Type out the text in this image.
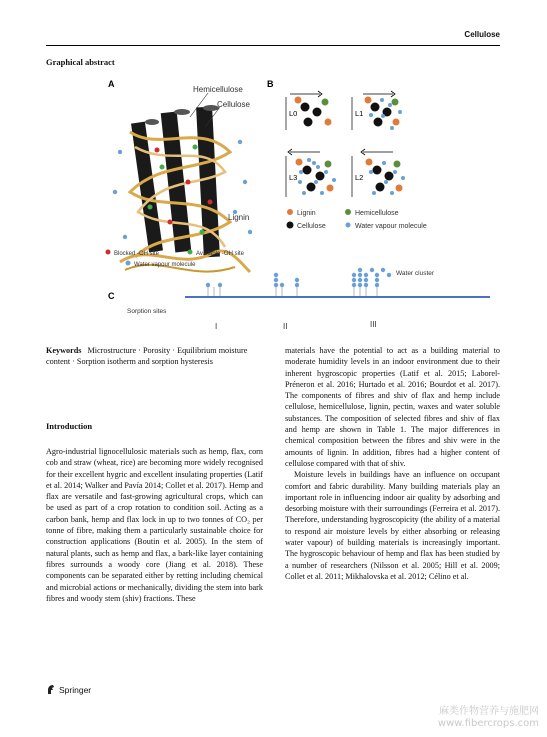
Cellulose
Graphical abstract
A
Hemicellulose
Cellulose
Lignin
Blocked -OH site	Available -OH site
Water vapour molecule
B
L0	L1
L3	L2
Lignin	Hemicellulose
Cellulose	Water vapour molecule
C
Sorption sites
Water cluster
I	II	III
Keywords Microstructure · Porosity · Equilibrium moisture content · Sorption isotherm and sorption hysteresis
Introduction

Agro-industrial lignocellulosic materials such as hemp, flax, corn cob and straw (wheat, rice) are becoming more widely recognised for their excellent hygric and excellent insulating properties (Latif et al. 2014; Walker and Pavía 2014; Collet et al. 2017). Hemp and flax are versatile and fast-growing agricultural crops, which can be used as part of a crop rotation to condition soil. Acting as a carbon bank, hemp and flax lock in up to two tonnes of CO₂ per tonne of fibre, making them a particularly sustainable choice for construction applications (Boutin et al. 2005). In the stem of natural plants, such as hemp and flax, a bark-like layer containing fibres surrounds a woody core (Jiang et al. 2018). These components can be separated either by retting including chemical and microbial actions or mechanically, dividing the stem into bark fibres and woody stem (shiv) fractions. These

materials have the potential to act as a building material to moderate humidity levels in an indoor environment due to their inherent hygroscopic properties (Latif et al. 2015; Laborel-Préneron et al. 2016; Hurtado et al. 2016; Bourdot et al. 2017). The components of fibres and shiv of flax and hemp include cellulose, hemicellulose, lignin, pectin, waxes and water soluble substances. The composition of selected fibres and shiv of flax and hemp are shown in Table 1. The major differences in chemical composition between the fibres and shiv were in the amounts of lignin. In addition, fibres had a higher content of cellulose compared with that of shiv.

Moisture levels in buildings have an influence on occupant comfort and fabric durability. Many building materials play an important role in influencing indoor air quality by adsorbing and desorbing moisture with their surroundings (Ferreira et al. 2017). Therefore, understanding hygroscopicity (the ability of a material to respond air moisture levels by either absorbing or releasing water vapour) of building materials is increasingly important. The hygroscopic behaviour of hemp and flax has been studied by a number of researchers (Nilsson et al. 2005; Hill et al. 2009; Collet et al. 2011; Mikhalovska et al. 2012; Célino et al.

Springer
麻类作物营养与施肥网
www.fibercrops.com
